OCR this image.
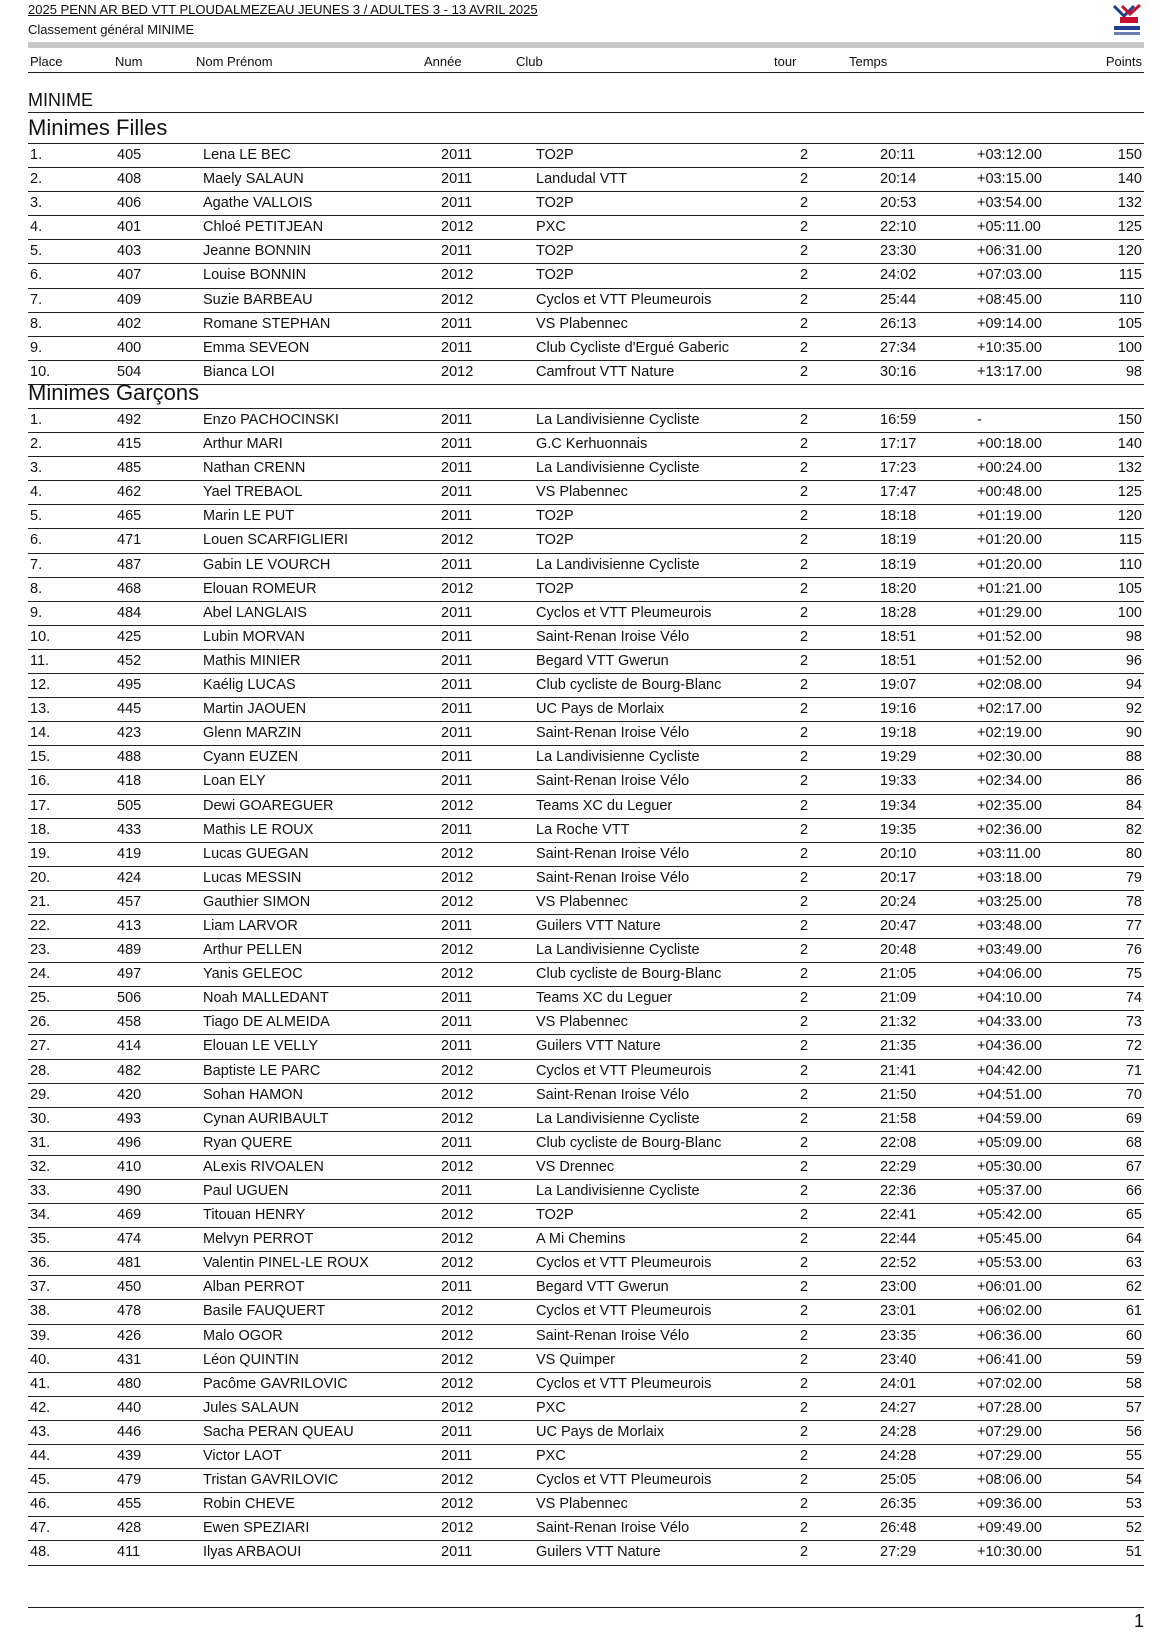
2025 PENN AR BED VTT PLOUDALMEZEAU JEUNES 3 / ADULTES 3 - 13 AVRIL 2025
Classement général MINIME
Place	Num	Nom Prénom	Année	Club	tour	Temps	Points
MINIME
Minimes Filles
1.	405	Lena LE BEC	2011	TO2P	2	20:11	+03:12.00	150
2.	408	Maely SALAUN	2011	Landudal VTT	2	20:14	+03:15.00	140
3.	406	Agathe VALLOIS	2011	TO2P	2	20:53	+03:54.00	132
4.	401	Chloé PETITJEAN	2012	PXC	2	22:10	+05:11.00	125
5.	403	Jeanne BONNIN	2011	TO2P	2	23:30	+06:31.00	120
6.	407	Louise BONNIN	2012	TO2P	2	24:02	+07:03.00	115
7.	409	Suzie BARBEAU	2012	Cyclos et VTT Pleumeurois	2	25:44	+08:45.00	110
8.	402	Romane STEPHAN	2011	VS Plabennec	2	26:13	+09:14.00	105
9.	400	Emma SEVEON	2011	Club Cycliste d'Ergué Gaberic	2	27:34	+10:35.00	100
10.	504	Bianca LOI	2012	Camfrout VTT Nature	2	30:16	+13:17.00	98
Minimes Garçons
1.	492	Enzo PACHOCINSKI	2011	La Landivisienne Cycliste	2	16:59	-	150
2.	415	Arthur MARI	2011	G.C Kerhuonnais	2	17:17	+00:18.00	140
3.	485	Nathan CRENN	2011	La Landivisienne Cycliste	2	17:23	+00:24.00	132
4.	462	Yael TREBAOL	2011	VS Plabennec	2	17:47	+00:48.00	125
5.	465	Marin LE PUT	2011	TO2P	2	18:18	+01:19.00	120
6.	471	Louen SCARFIGLIERI	2012	TO2P	2	18:19	+01:20.00	115
7.	487	Gabin LE VOURCH	2011	La Landivisienne Cycliste	2	18:19	+01:20.00	110
8.	468	Elouan ROMEUR	2012	TO2P	2	18:20	+01:21.00	105
9.	484	Abel LANGLAIS	2011	Cyclos et VTT Pleumeurois	2	18:28	+01:29.00	100
10.	425	Lubin MORVAN	2011	Saint-Renan Iroise Vélo	2	18:51	+01:52.00	98
11.	452	Mathis MINIER	2011	Begard VTT Gwerun	2	18:51	+01:52.00	96
12.	495	Kaélig LUCAS	2011	Club cycliste de Bourg-Blanc	2	19:07	+02:08.00	94
13.	445	Martin JAOUEN	2011	UC Pays de Morlaix	2	19:16	+02:17.00	92
14.	423	Glenn MARZIN	2011	Saint-Renan Iroise Vélo	2	19:18	+02:19.00	90
15.	488	Cyann EUZEN	2011	La Landivisienne Cycliste	2	19:29	+02:30.00	88
16.	418	Loan ELY	2011	Saint-Renan Iroise Vélo	2	19:33	+02:34.00	86
17.	505	Dewi GOAREGUER	2012	Teams XC du Leguer	2	19:34	+02:35.00	84
18.	433	Mathis LE ROUX	2011	La Roche VTT	2	19:35	+02:36.00	82
19.	419	Lucas GUEGAN	2012	Saint-Renan Iroise Vélo	2	20:10	+03:11.00	80
20.	424	Lucas MESSIN	2012	Saint-Renan Iroise Vélo	2	20:17	+03:18.00	79
21.	457	Gauthier SIMON	2012	VS Plabennec	2	20:24	+03:25.00	78
22.	413	Liam LARVOR	2011	Guilers VTT Nature	2	20:47	+03:48.00	77
23.	489	Arthur PELLEN	2012	La Landivisienne Cycliste	2	20:48	+03:49.00	76
24.	497	Yanis GELEOC	2012	Club cycliste de Bourg-Blanc	2	21:05	+04:06.00	75
25.	506	Noah MALLEDANT	2011	Teams XC du Leguer	2	21:09	+04:10.00	74
26.	458	Tiago DE ALMEIDA	2011	VS Plabennec	2	21:32	+04:33.00	73
27.	414	Elouan LE VELLY	2011	Guilers VTT Nature	2	21:35	+04:36.00	72
28.	482	Baptiste LE PARC	2012	Cyclos et VTT Pleumeurois	2	21:41	+04:42.00	71
29.	420	Sohan HAMON	2012	Saint-Renan Iroise Vélo	2	21:50	+04:51.00	70
30.	493	Cynan AURIBAULT	2012	La Landivisienne Cycliste	2	21:58	+04:59.00	69
31.	496	Ryan QUERE	2011	Club cycliste de Bourg-Blanc	2	22:08	+05:09.00	68
32.	410	ALexis RIVOALEN	2012	VS Drennec	2	22:29	+05:30.00	67
33.	490	Paul UGUEN	2011	La Landivisienne Cycliste	2	22:36	+05:37.00	66
34.	469	Titouan HENRY	2012	TO2P	2	22:41	+05:42.00	65
35.	474	Melvyn PERROT	2012	A Mi Chemins	2	22:44	+05:45.00	64
36.	481	Valentin PINEL-LE ROUX	2012	Cyclos et VTT Pleumeurois	2	22:52	+05:53.00	63
37.	450	Alban PERROT	2011	Begard VTT Gwerun	2	23:00	+06:01.00	62
38.	478	Basile FAUQUERT	2012	Cyclos et VTT Pleumeurois	2	23:01	+06:02.00	61
39.	426	Malo OGOR	2012	Saint-Renan Iroise Vélo	2	23:35	+06:36.00	60
40.	431	Léon QUINTIN	2012	VS Quimper	2	23:40	+06:41.00	59
41.	480	Pacôme GAVRILOVIC	2012	Cyclos et VTT Pleumeurois	2	24:01	+07:02.00	58
42.	440	Jules SALAUN	2012	PXC	2	24:27	+07:28.00	57
43.	446	Sacha PERAN QUEAU	2011	UC Pays de Morlaix	2	24:28	+07:29.00	56
44.	439	Victor LAOT	2011	PXC	2	24:28	+07:29.00	55
45.	479	Tristan GAVRILOVIC	2012	Cyclos et VTT Pleumeurois	2	25:05	+08:06.00	54
46.	455	Robin CHEVE	2012	VS Plabennec	2	26:35	+09:36.00	53
47.	428	Ewen SPEZIARI	2012	Saint-Renan Iroise Vélo	2	26:48	+09:49.00	52
48.	411	Ilyas ARBAOUI	2011	Guilers VTT Nature	2	27:29	+10:30.00	51
1
